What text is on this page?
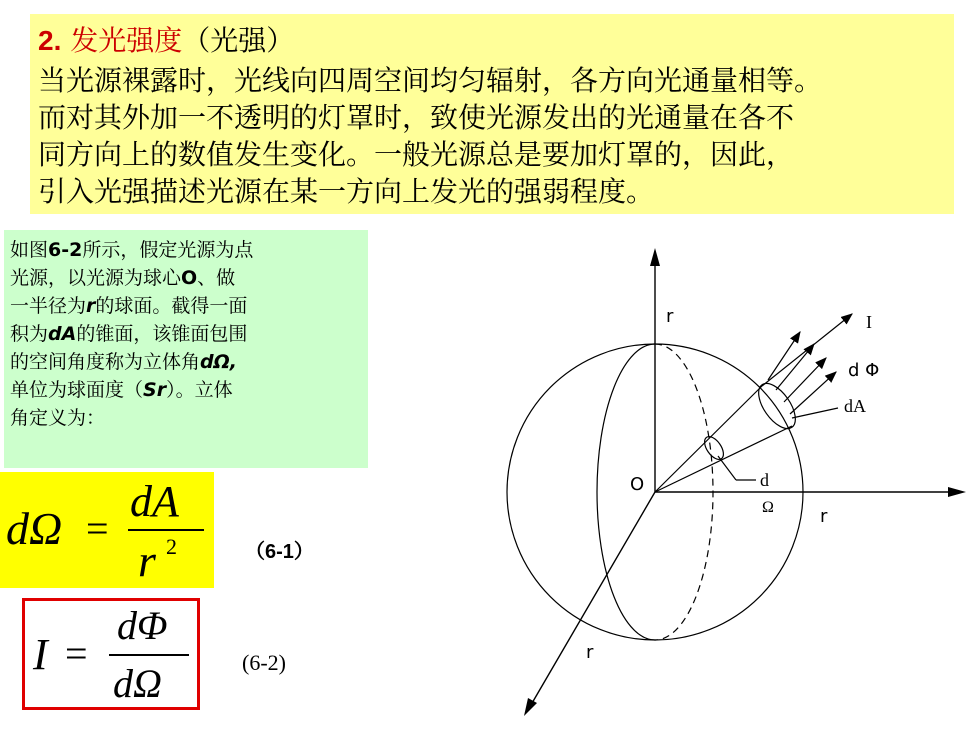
2. 发光强度（光强）
当光源裸露时，光线向四周空间均匀辐射，各方向光通量相等。
而对其外加一不透明的灯罩时，致使光源发出的光通量在各不
同方向上的数值发生变化。一般光源总是要加灯罩的，因此，
引入光强描述光源在某一方向上发光的强弱程度。
如图6-2所示，假定光源为点
光源，以光源为球心O、做
一半径为r的球面。截得一面
积为dA的锥面，该锥面包围
的空间角度称为立体角dΩ,
单位为球面度（Sr）。立体
角定义为：
dΩ =
dA
r 2	（6-1）
I =
dΦ
dΩ	(6-2)
r	I
d Φ
dA
O	d
Ω	r
r
